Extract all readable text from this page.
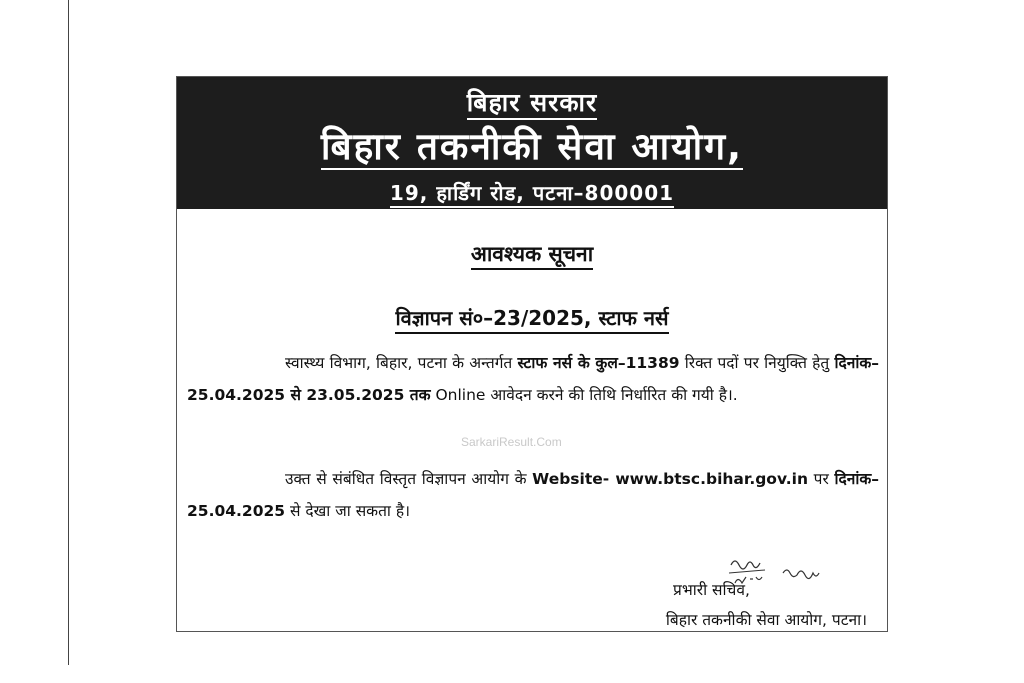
बिहार सरकार
बिहार तकनीकी सेवा आयोग,
19, हार्डिंग रोड, पटना–800001
आवश्यक सूचना
विज्ञापन सं०–23/2025, स्टाफ नर्स
स्वास्थ्य विभाग, बिहार, पटना के अन्तर्गत स्टाफ नर्स के कुल–11389 रिक्त पदों पर नियुक्ति हेतु दिनांक–25.04.2025 से 23.05.2025 तक Online आवेदन करने की तिथि निर्धारित की गयी है।.
SarkariResult.Com
उक्त से संबंधित विस्तृत विज्ञापन आयोग के Website- www.btsc.bihar.gov.in पर दिनांक–25.04.2025 से देखा जा सकता है।
प्रभारी सचिव,
बिहार तकनीकी सेवा आयोग, पटना।
